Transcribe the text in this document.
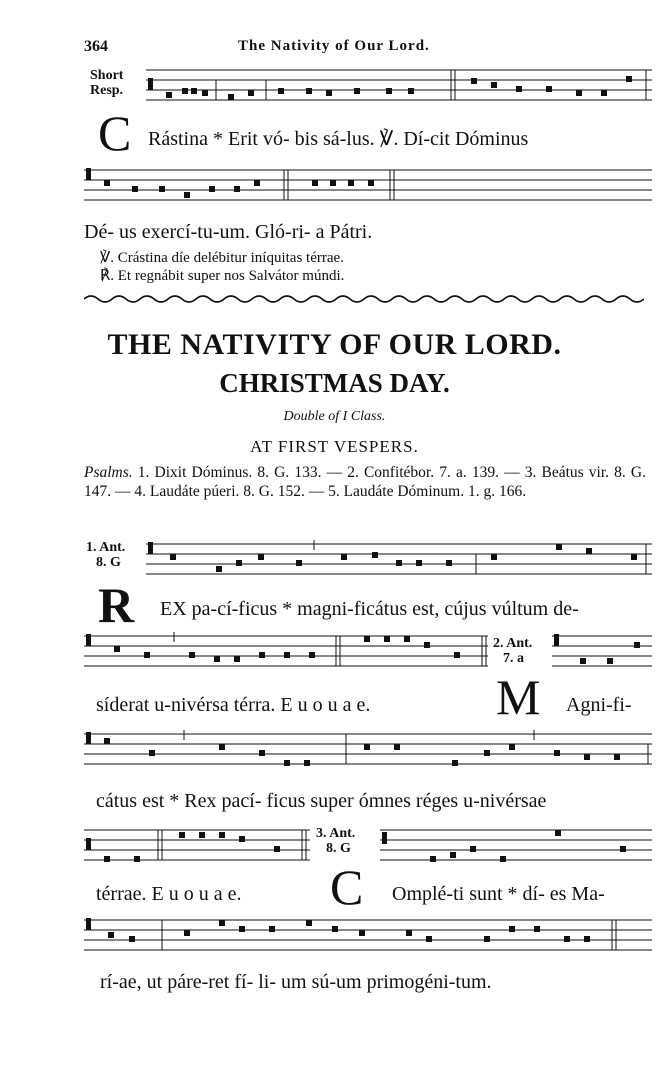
364	The Nativity of Our Lord.
Short
Resp.
C Rástina * Erit vó- bis sá-lus. ℣. Dí-cit Dóminus
Dé- us exercí-tu-um. Gló-ri- a Pátri.
℣. Crástina díe delébitur iníquitas térrae.
℟. Et regnábit super nos Salvátor múndi.
THE NATIVITY OF OUR LORD.
CHRISTMAS DAY.
Double of I Class.
AT FIRST VESPERS.
Psalms. 1. Dixit Dóminus. 8. G. 133. — 2. Confitébor. 7. a. 139. — 3. Beátus vir. 8. G. 147. — 4. Laudáte púeri. 8. G. 152. — 5. Laudáte Dóminum. 1. g. 166.
1. Ant.
8. G
R EX pa-cí-ficus * magni-ficátus est, cújus vúltum de-
2. Ant.
7. a
síderat u-nivérsa térra. E u o u a e.	M Agni-fi-
cátus est * Rex pací- ficus super ómnes réges u-nivérsae
3. Ant.
8. G
térrae. E u o u a e. C Omplé-ti sunt * dí- es Ma-
rí-ae, ut páre-ret fí- li- um sú-um primogéni-tum.
